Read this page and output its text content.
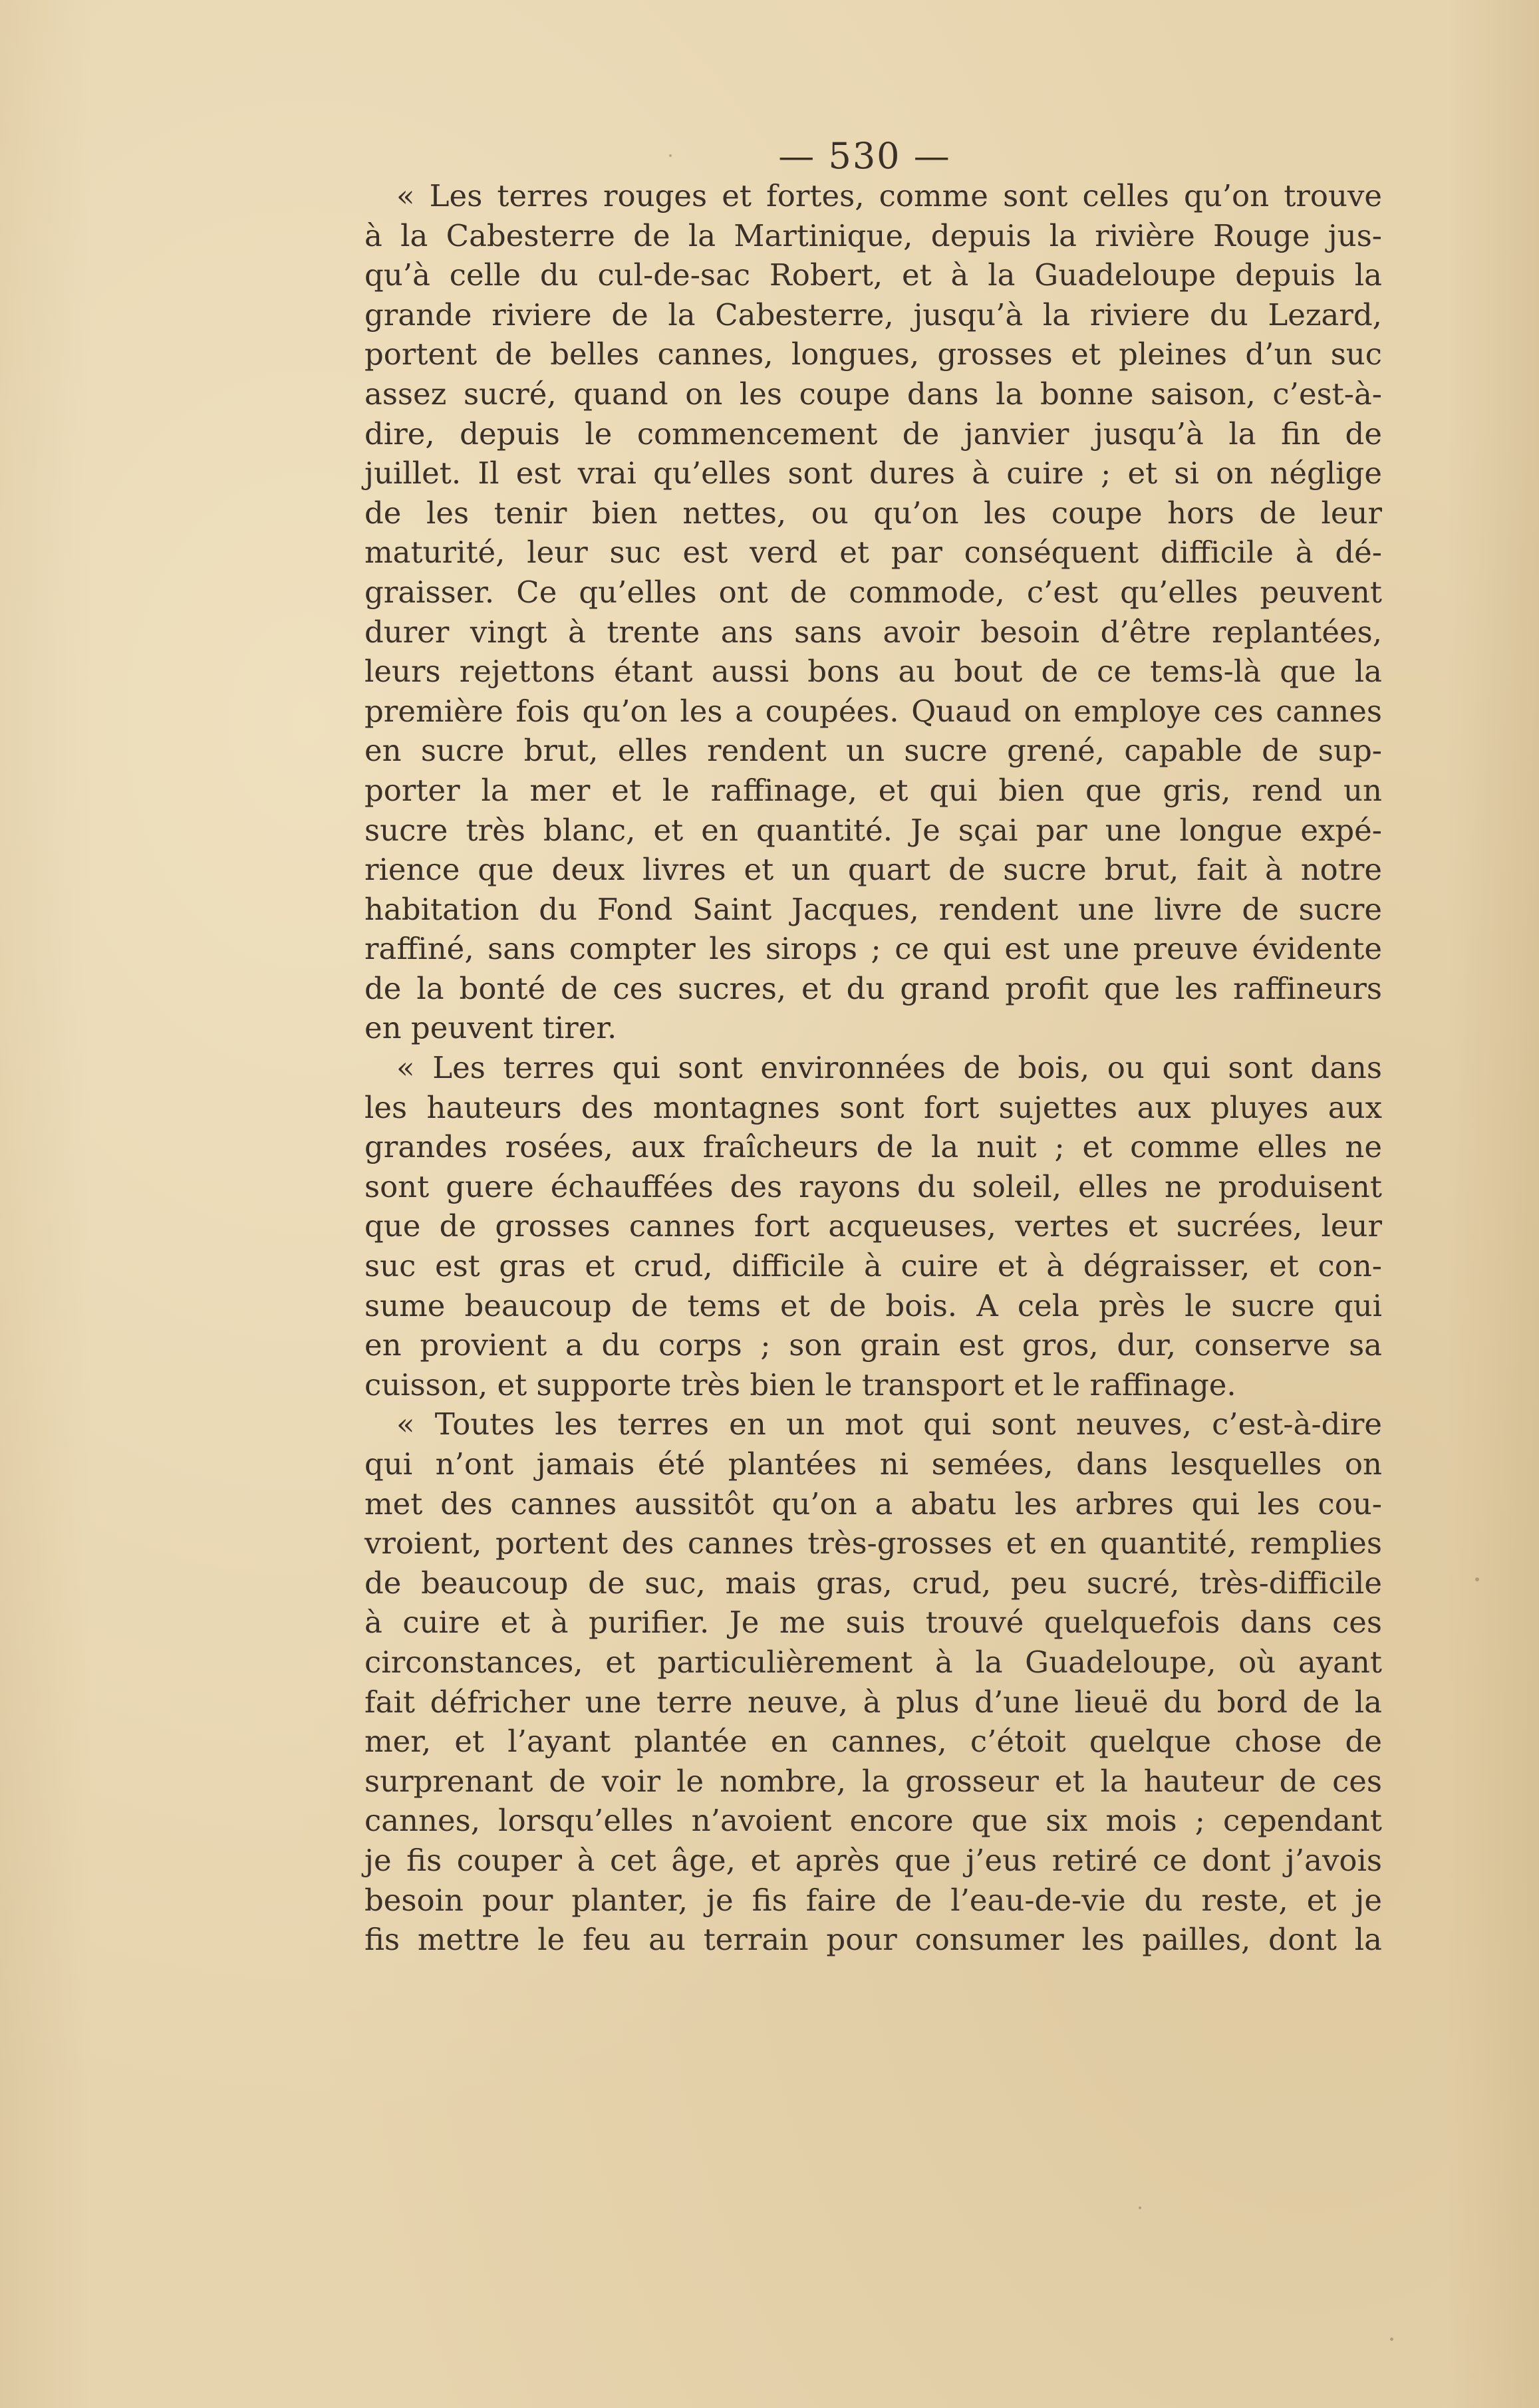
— 530 —
« Les terres rouges et fortes, comme sont celles qu’on trouve
à la Cabesterre de la Martinique, depuis la rivière Rouge jus-
qu’à celle du cul-de-sac Robert, et à la Guadeloupe depuis la
grande riviere de la Cabesterre, jusqu’à la riviere du Lezard,
portent de belles cannes, longues, grosses et pleines d’un suc
assez sucré, quand on les coupe dans la bonne saison, c’est-à-
dire, depuis le commencement de janvier jusqu’à la fin de
juillet. Il est vrai qu’elles sont dures à cuire ; et si on néglige
de les tenir bien nettes, ou qu’on les coupe hors de leur
maturité, leur suc est verd et par conséquent difficile à dé-
graisser. Ce qu’elles ont de commode, c’est qu’elles peuvent
durer vingt à trente ans sans avoir besoin d’être replantées,
leurs rejettons étant aussi bons au bout de ce tems-là que la
première fois qu’on les a coupées. Quaud on employe ces cannes
en sucre brut, elles rendent un sucre grené, capable de sup-
porter la mer et le raffinage, et qui bien que gris, rend un
sucre très blanc, et en quantité. Je sçai par une longue expé-
rience que deux livres et un quart de sucre brut, fait à notre
habitation du Fond Saint Jacques, rendent une livre de sucre
raffiné, sans compter les sirops ; ce qui est une preuve évidente
de la bonté de ces sucres, et du grand profit que les raffineurs
en peuvent tirer.
« Les terres qui sont environnées de bois, ou qui sont dans
les hauteurs des montagnes sont fort sujettes aux pluyes aux
grandes rosées, aux fraîcheurs de la nuit ; et comme elles ne
sont guere échauffées des rayons du soleil, elles ne produisent
que de grosses cannes fort acqueuses, vertes et sucrées, leur
suc est gras et crud, difficile à cuire et à dégraisser, et con-
sume beaucoup de tems et de bois. A cela près le sucre qui
en provient a du corps ; son grain est gros, dur, conserve sa
cuisson, et supporte très bien le transport et le raffinage.
« Toutes les terres en un mot qui sont neuves, c’est-à-dire
qui n’ont jamais été plantées ni semées, dans lesquelles on
met des cannes aussitôt qu’on a abatu les arbres qui les cou-
vroient, portent des cannes très-grosses et en quantité, remplies
de beaucoup de suc, mais gras, crud, peu sucré, très-difficile
à cuire et à purifier. Je me suis trouvé quelquefois dans ces
circonstances, et particulièrement à la Guadeloupe, où ayant
fait défricher une terre neuve, à plus d’une lieuë du bord de la
mer, et l’ayant plantée en cannes, c’étoit quelque chose de
surprenant de voir le nombre, la grosseur et la hauteur de ces
cannes, lorsqu’elles n’avoient encore que six mois ; cependant
je fis couper à cet âge, et après que j’eus retiré ce dont j’avois
besoin pour planter, je fis faire de l’eau-de-vie du reste, et je
fis mettre le feu au terrain pour consumer les pailles, dont la
